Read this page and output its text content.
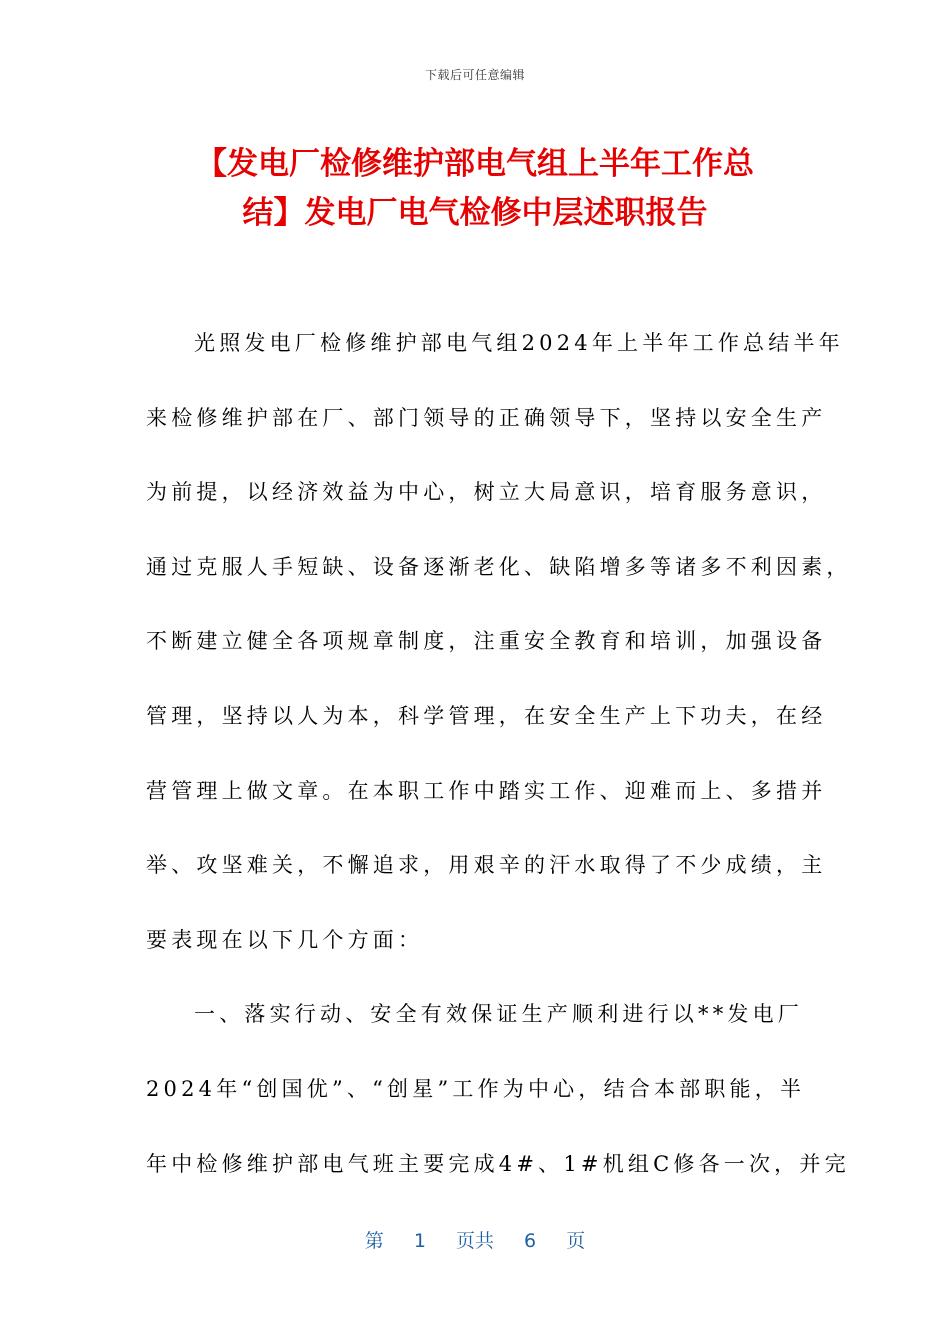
下载后可任意编辑
【发电厂检修维护部电气组上半年工作总
结】发电厂电气检修中层述职报告
光照发电厂检修维护部电气组2024年上半年工作总结半年
来检修维护部在厂、部门领导的正确领导下，坚持以安全生产
为前提，以经济效益为中心，树立大局意识，培育服务意识，
通过克服人手短缺、设备逐渐老化、缺陷增多等诸多不利因素，
不断建立健全各项规章制度，注重安全教育和培训，加强设备
管理，坚持以人为本，科学管理，在安全生产上下功夫，在经
营管理上做文章。在本职工作中踏实工作、迎难而上、多措并
举、攻坚难关，不懈追求，用艰辛的汗水取得了不少成绩，主
要表现在以下几个方面：
一、落实行动、安全有效保证生产顺利进行以**发电厂
2024年“创国优”、“创星”工作为中心，结合本部职能，半
年中检修维护部电气班主要完成4#、1#机组C修各一次，并完
第 1 页共 6 页
